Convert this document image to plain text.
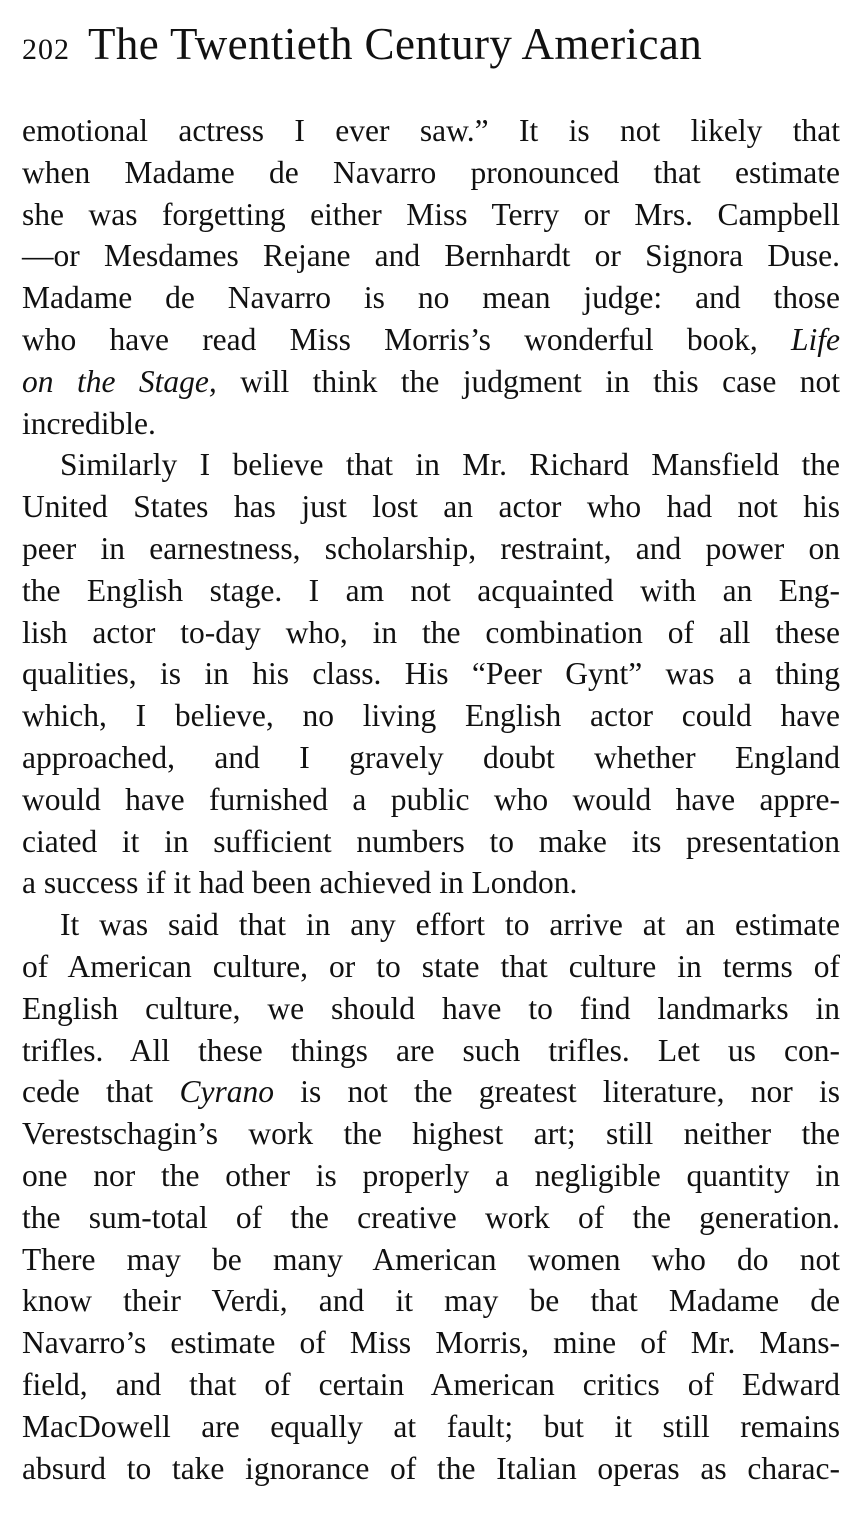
202 The Twentieth Century American
emotional actress I ever saw.” It is not likely that
when Madame de Navarro pronounced that estimate
she was forgetting either Miss Terry or Mrs. Campbell
—or Mesdames Rejane and Bernhardt or Signora Duse.
Madame de Navarro is no mean judge: and those
who have read Miss Morris’s wonderful book, Life
on the Stage, will think the judgment in this case not
incredible.
Similarly I believe that in Mr. Richard Mansfield the
United States has just lost an actor who had not his
peer in earnestness, scholarship, restraint, and power on
the English stage. I am not acquainted with an Eng-
lish actor to-day who, in the combination of all these
qualities, is in his class. His “Peer Gynt” was a thing
which, I believe, no living English actor could have
approached, and I gravely doubt whether England
would have furnished a public who would have appre-
ciated it in sufficient numbers to make its presentation
a success if it had been achieved in London.
It was said that in any effort to arrive at an estimate
of American culture, or to state that culture in terms of
English culture, we should have to find landmarks in
trifles. All these things are such trifles. Let us con-
cede that Cyrano is not the greatest literature, nor is
Verestschagin’s work the highest art; still neither the
one nor the other is properly a negligible quantity in
the sum-total of the creative work of the generation.
There may be many American women who do not
know their Verdi, and it may be that Madame de
Navarro’s estimate of Miss Morris, mine of Mr. Mans-
field, and that of certain American critics of Edward
MacDowell are equally at fault; but it still remains
absurd to take ignorance of the Italian operas as charac-
